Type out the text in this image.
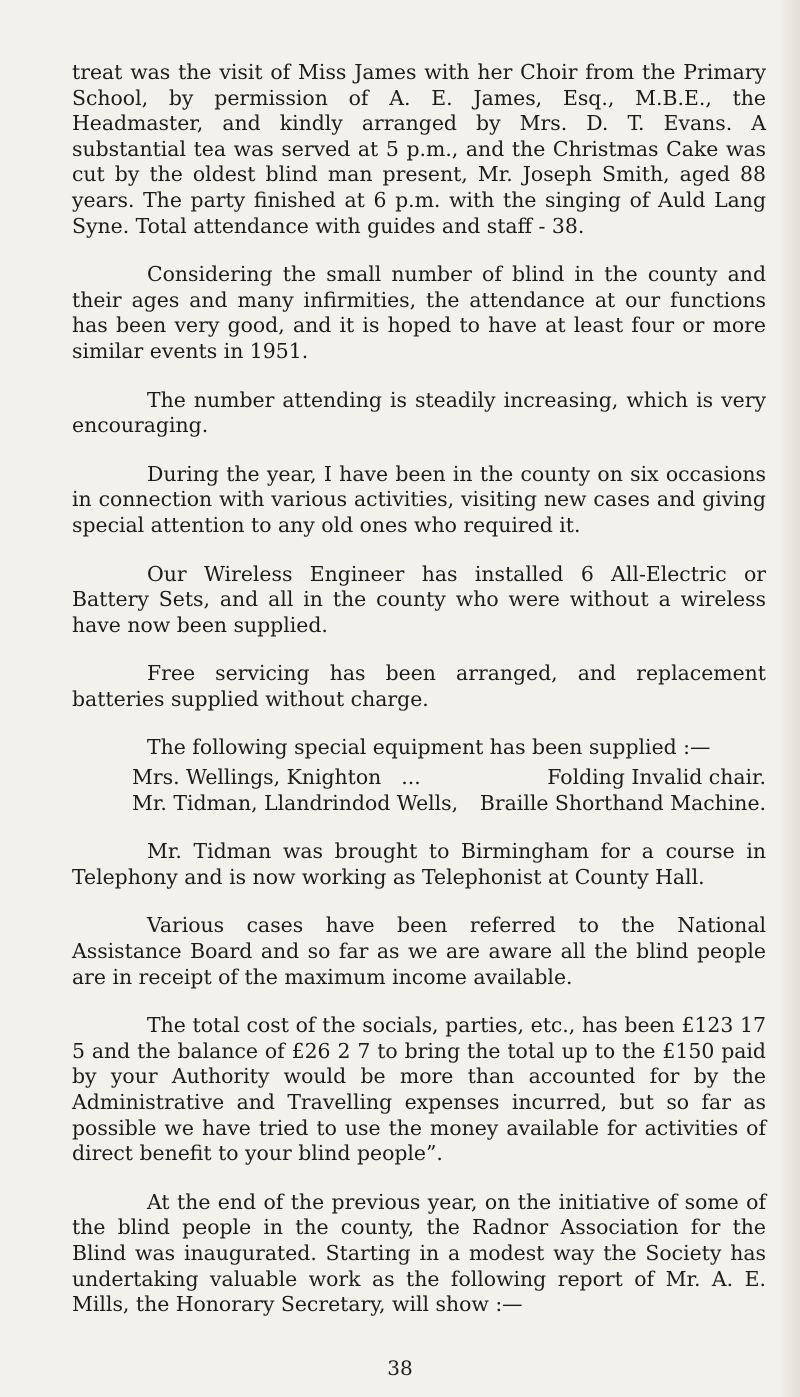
treat was the visit of Miss James with her Choir from the Primary School, by permission of A. E. James, Esq., M.B.E., the Headmaster, and kindly arranged by Mrs. D. T. Evans. A substantial tea was served at 5 p.m., and the Christmas Cake was cut by the oldest blind man present, Mr. Joseph Smith, aged 88 years. The party finished at 6 p.m. with the singing of Auld Lang Syne. Total attendance with guides and staff - 38.

Considering the small number of blind in the county and their ages and many infirmities, the attendance at our functions has been very good, and it is hoped to have at least four or more similar events in 1951.

The number attending is steadily increasing, which is very encouraging.

During the year, I have been in the county on six occasions in connection with various activities, visiting new cases and giving special attention to any old ones who required it.

Our Wireless Engineer has installed 6 All-Electric or Battery Sets, and all in the county who were without a wireless have now been supplied.

Free servicing has been arranged, and replacement batteries supplied without charge.

The following special equipment has been supplied :—

Mrs. Wellings, Knighton ...	Folding Invalid chair.
Mr. Tidman, Llandrindod Wells,	Braille Shorthand Machine.

Mr. Tidman was brought to Birmingham for a course in Telephony and is now working as Telephonist at County Hall.

Various cases have been referred to the National Assistance Board and so far as we are aware all the blind people are in receipt of the maximum income available.

The total cost of the socials, parties, etc., has been £123 17 5 and the balance of £26 2 7 to bring the total up to the £150 paid by your Authority would be more than accounted for by the Administrative and Travelling expenses incurred, but so far as possible we have tried to use the money available for activities of direct benefit to your blind people”.

At the end of the previous year, on the initiative of some of the blind people in the county, the Radnor Association for the Blind was inaugurated. Starting in a modest way the Society has undertaking valuable work as the following report of Mr. A. E. Mills, the Honorary Secretary, will show :—

38
